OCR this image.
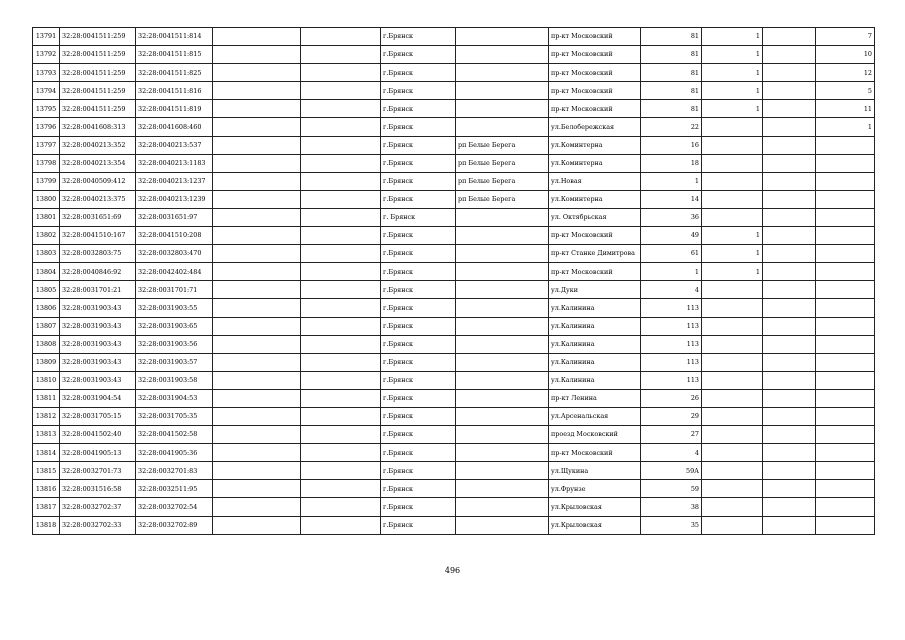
13791	32:28:0041511:259	32:28:0041511:814			г.Брянск		пр-кт Московский	81	1		7
13792	32:28:0041511:259	32:28:0041511:815			г.Брянск		пр-кт Московский	81	1		10
13793	32:28:0041511:259	32:28:0041511:825			г.Брянск		пр-кт Московский	81	1		12
13794	32:28:0041511:259	32:28:0041511:816			г.Брянск		пр-кт Московский	81	1		5
13795	32:28:0041511:259	32:28:0041511:819			г.Брянск		пр-кт Московский	81	1		11
13796	32:28:0041608:313	32:28:0041608:460			г.Брянск		ул.Белобережская	22			1
13797	32:28:0040213:352	32:28:0040213:537			г.Брянск	рп Белые Берега	ул.Коминтерна	16			
13798	32:28:0040213:354	32:28:0040213:1183			г.Брянск	рп Белые Берега	ул.Коминтерна	18			
13799	32:28:0040509:412	32:28:0040213:1237			г.Брянск	рп Белые Берега	ул.Новая	1			
13800	32:28:0040213:375	32:28:0040213:1239			г.Брянск	рп Белые Берега	ул.Коминтерна	14			
13801	32:28:0031651:69	32:28:0031651:97			г. Брянск		ул. Октябрьская	36			
13802	32:28:0041510:167	32:28:0041510:208			г.Брянск		пр-кт Московский	49	1		
13803	32:28:0032803:75	32:28:0032803:470			г.Брянск		пр-кт Станке Димитрова	61	1		
13804	32:28:0040846:92	32:28:0042402:484			г.Брянск		пр-кт Московский	1	1		
13805	32:28:0031701:21	32:28:0031701:71			г.Брянск		ул.Дуки	4			
13806	32:28:0031903:43	32:28:0031903:55			г.Брянск		ул.Калинина	113			
13807	32:28:0031903:43	32:28:0031903:65			г.Брянск		ул.Калинина	113			
13808	32:28:0031903:43	32:28:0031903:56			г.Брянск		ул.Калинина	113			
13809	32:28:0031903:43	32:28:0031903:57			г.Брянск		ул.Калинина	113			
13810	32:28:0031903:43	32:28:0031903:58			г.Брянск		ул.Калинина	113			
13811	32:28:0031904:54	32:28:0031904:53			г.Брянск		пр-кт Ленина	26			
13812	32:28:0031705:15	32:28:0031705:35			г.Брянск		ул.Арсенальская	29			
13813	32:28:0041502:40	32:28:0041502:58			г.Брянск		проезд Московский	27			
13814	32:28:0041905:13	32:28:0041905:36			г.Брянск		пр-кт Московский	4			
13815	32:28:0032701:73	32:28:0032701:83			г.Брянск		ул.Щукина	59А			
13816	32:28:0031516:58	32:28:0032511:95			г.Брянск		ул.Фрунзе	59			
13817	32:28:0032702:37	32:28:0032702:54			г.Брянск		ул.Крыловская	38			
13818	32:28:0032702:33	32:28:0032702:89			г.Брянск		ул.Крыловская	35			
496
